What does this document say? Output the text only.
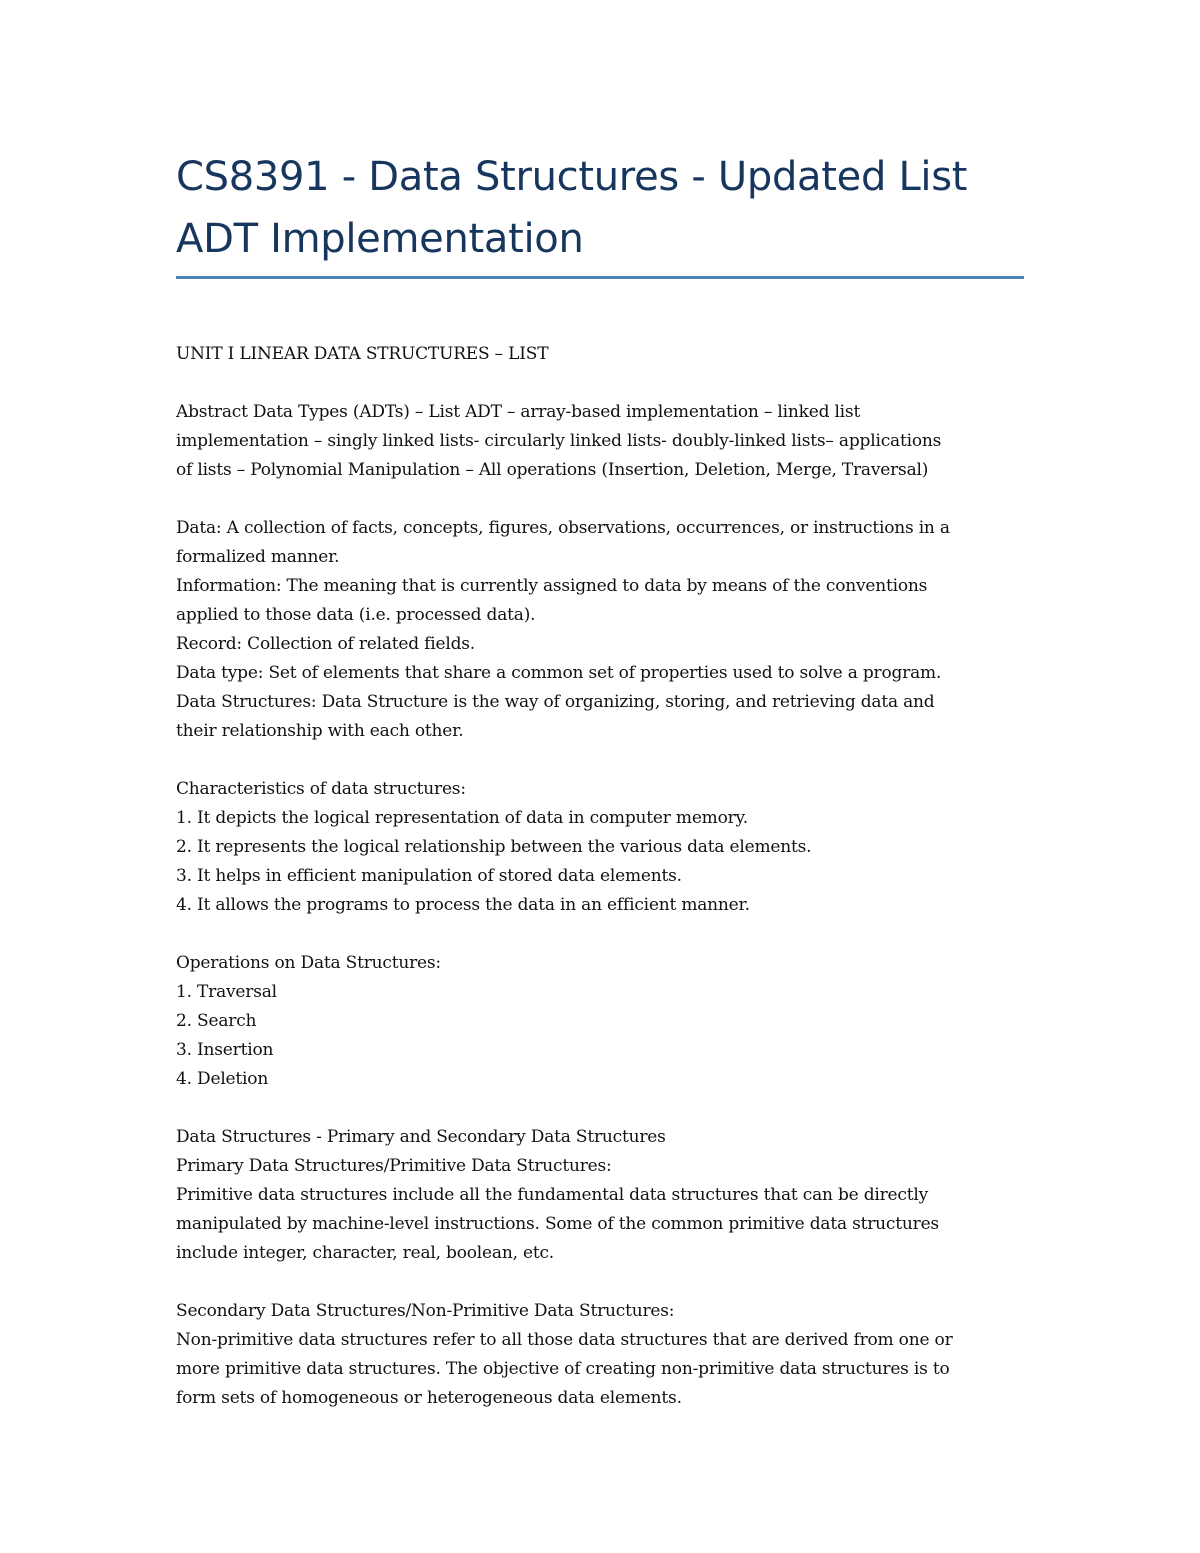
CS8391 - Data Structures - Updated List
ADT Implementation

UNIT I LINEAR DATA STRUCTURES – LIST

Abstract Data Types (ADTs) – List ADT – array-based implementation – linked list
implementation – singly linked lists- circularly linked lists- doubly-linked lists– applications
of lists – Polynomial Manipulation – All operations (Insertion, Deletion, Merge, Traversal)

Data: A collection of facts, concepts, figures, observations, occurrences, or instructions in a
formalized manner.
Information: The meaning that is currently assigned to data by means of the conventions
applied to those data (i.e. processed data).
Record: Collection of related fields.
Data type: Set of elements that share a common set of properties used to solve a program.
Data Structures: Data Structure is the way of organizing, storing, and retrieving data and
their relationship with each other.

Characteristics of data structures:
1. It depicts the logical representation of data in computer memory.
2. It represents the logical relationship between the various data elements.
3. It helps in efficient manipulation of stored data elements.
4. It allows the programs to process the data in an efficient manner.

Operations on Data Structures:
1. Traversal
2. Search
3. Insertion
4. Deletion

Data Structures - Primary and Secondary Data Structures
Primary Data Structures/Primitive Data Structures:
Primitive data structures include all the fundamental data structures that can be directly
manipulated by machine-level instructions. Some of the common primitive data structures
include integer, character, real, boolean, etc.

Secondary Data Structures/Non-Primitive Data Structures:
Non-primitive data structures refer to all those data structures that are derived from one or
more primitive data structures. The objective of creating non-primitive data structures is to
form sets of homogeneous or heterogeneous data elements.
